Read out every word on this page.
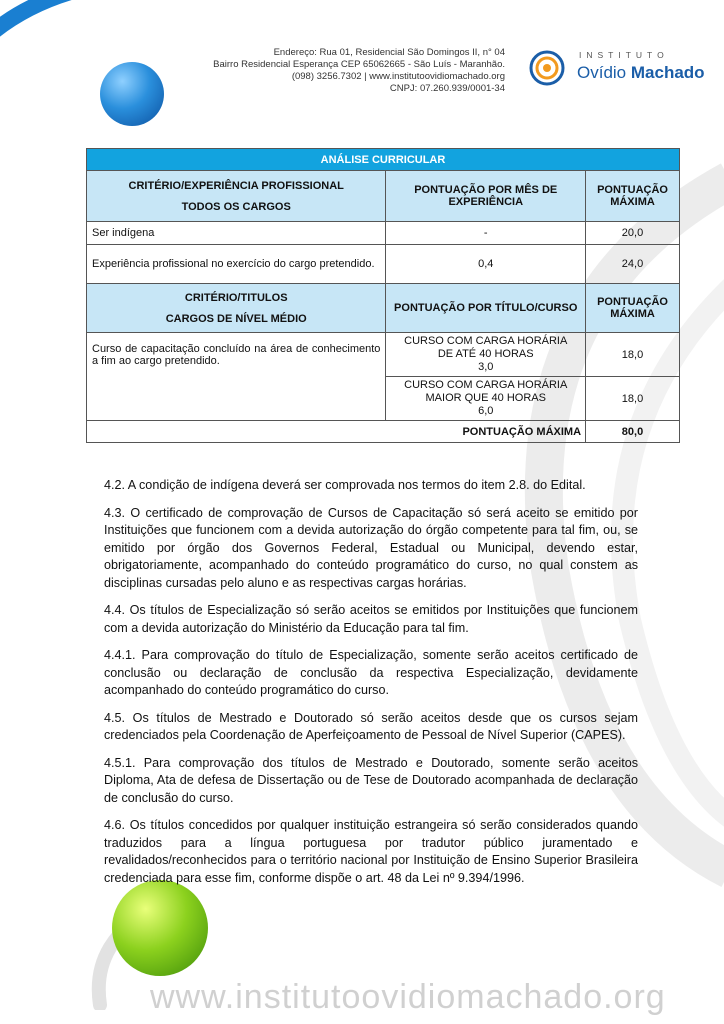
Endereço: Rua 01, Residencial São Domingos II, n° 04
Bairro Residencial Esperança CEP 65062665 - São Luís - Maranhão.
(098) 3256.7302 | www.institutoovidiomachado.org
CNPJ: 07.260.939/0001-34
INSTITUTO
Ovídio Machado
ANÁLISE CURRICULAR		

CRITÉRIO/EXPERIÊNCIA PROFISSIONAL
TODOS OS CARGOS	PONTUAÇÃO POR MÊS DE EXPERIÊNCIA	PONTUAÇÃO MÁXIMA
Ser indígena	-	20,0
Experiência profissional no exercício do cargo pretendido.	0,4	24,0

CRITÉRIO/TITULOS
CARGOS DE NÍVEL MÉDIO	PONTUAÇÃO POR TÍTULO/CURSO	PONTUAÇÃO MÁXIMA
Curso de capacitação concluído na área de conhecimento a fim ao cargo pretendido.	CURSO COM CARGA HORÁRIA
DE ATÉ 40 HORAS
3,0	18,0

	CURSO COM CARGA HORÁRIA
MAIOR QUE 40 HORAS
6,0	18,0
PONTUAÇÃO MÁXIMA		80,0

4.2. A condição de indígena deverá ser comprovada nos termos do item 2.8. do Edital.

4.3. O certificado de comprovação de Cursos de Capacitação só será aceito se emitido por Instituições que funcionem com a devida autorização do órgão competente para tal fim, ou, se emitido por órgão dos Governos Federal, Estadual ou Municipal, devendo estar, obrigatoriamente, acompanhado do conteúdo programático do curso, no qual constem as disciplinas cursadas pelo aluno e as respectivas cargas horárias.

4.4. Os títulos de Especialização só serão aceitos se emitidos por Instituições que funcionem com a devida autorização do Ministério da Educação para tal fim.

4.4.1. Para comprovação do título de Especialização, somente serão aceitos certificado de conclusão ou declaração de conclusão da respectiva Especialização, devidamente acompanhado do conteúdo programático do curso.

4.5. Os títulos de Mestrado e Doutorado só serão aceitos desde que os cursos sejam credenciados pela Coordenação de Aperfeiçoamento de Pessoal de Nível Superior (CAPES).

4.5.1. Para comprovação dos títulos de Mestrado e Doutorado, somente serão aceitos Diploma, Ata de defesa de Dissertação ou de Tese de Doutorado acompanhada de declaração de conclusão do curso.

4.6. Os títulos concedidos por qualquer instituição estrangeira só serão considerados quando traduzidos para a língua portuguesa por tradutor público juramentado e revalidados/reconhecidos para o território nacional por Instituição de Ensino Superior Brasileira credenciada para esse fim, conforme dispõe o art. 48 da Lei nº 9.394/1996.

www.institutoovidiomachado.org
